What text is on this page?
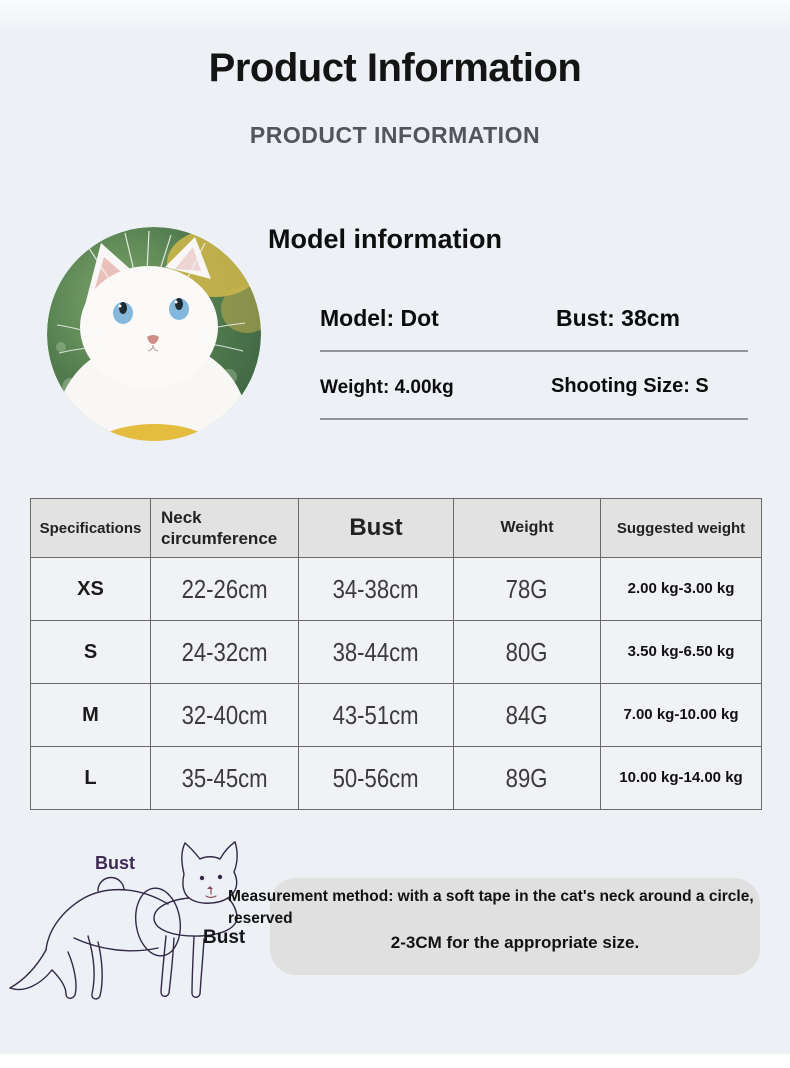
Product Information
PRODUCT INFORMATION
Model information
Model: Dot	Bust: 38cm
Weight: 4.00kg	Shooting Size: S
Specifications	Neck circumference	Bust	Weight	Suggested weight
XS	22-26cm	34-38cm	78G	2.00 kg-3.00 kg
S	24-32cm	38-44cm	80G	3.50 kg-6.50 kg
M	32-40cm	43-51cm	84G	7.00 kg-10.00 kg
L	35-45cm	50-56cm	89G	10.00 kg-14.00 kg
Bust
Bust
Measurement method: with a soft tape in the cat's neck around a circle,
reserved
2-3CM for the appropriate size.
